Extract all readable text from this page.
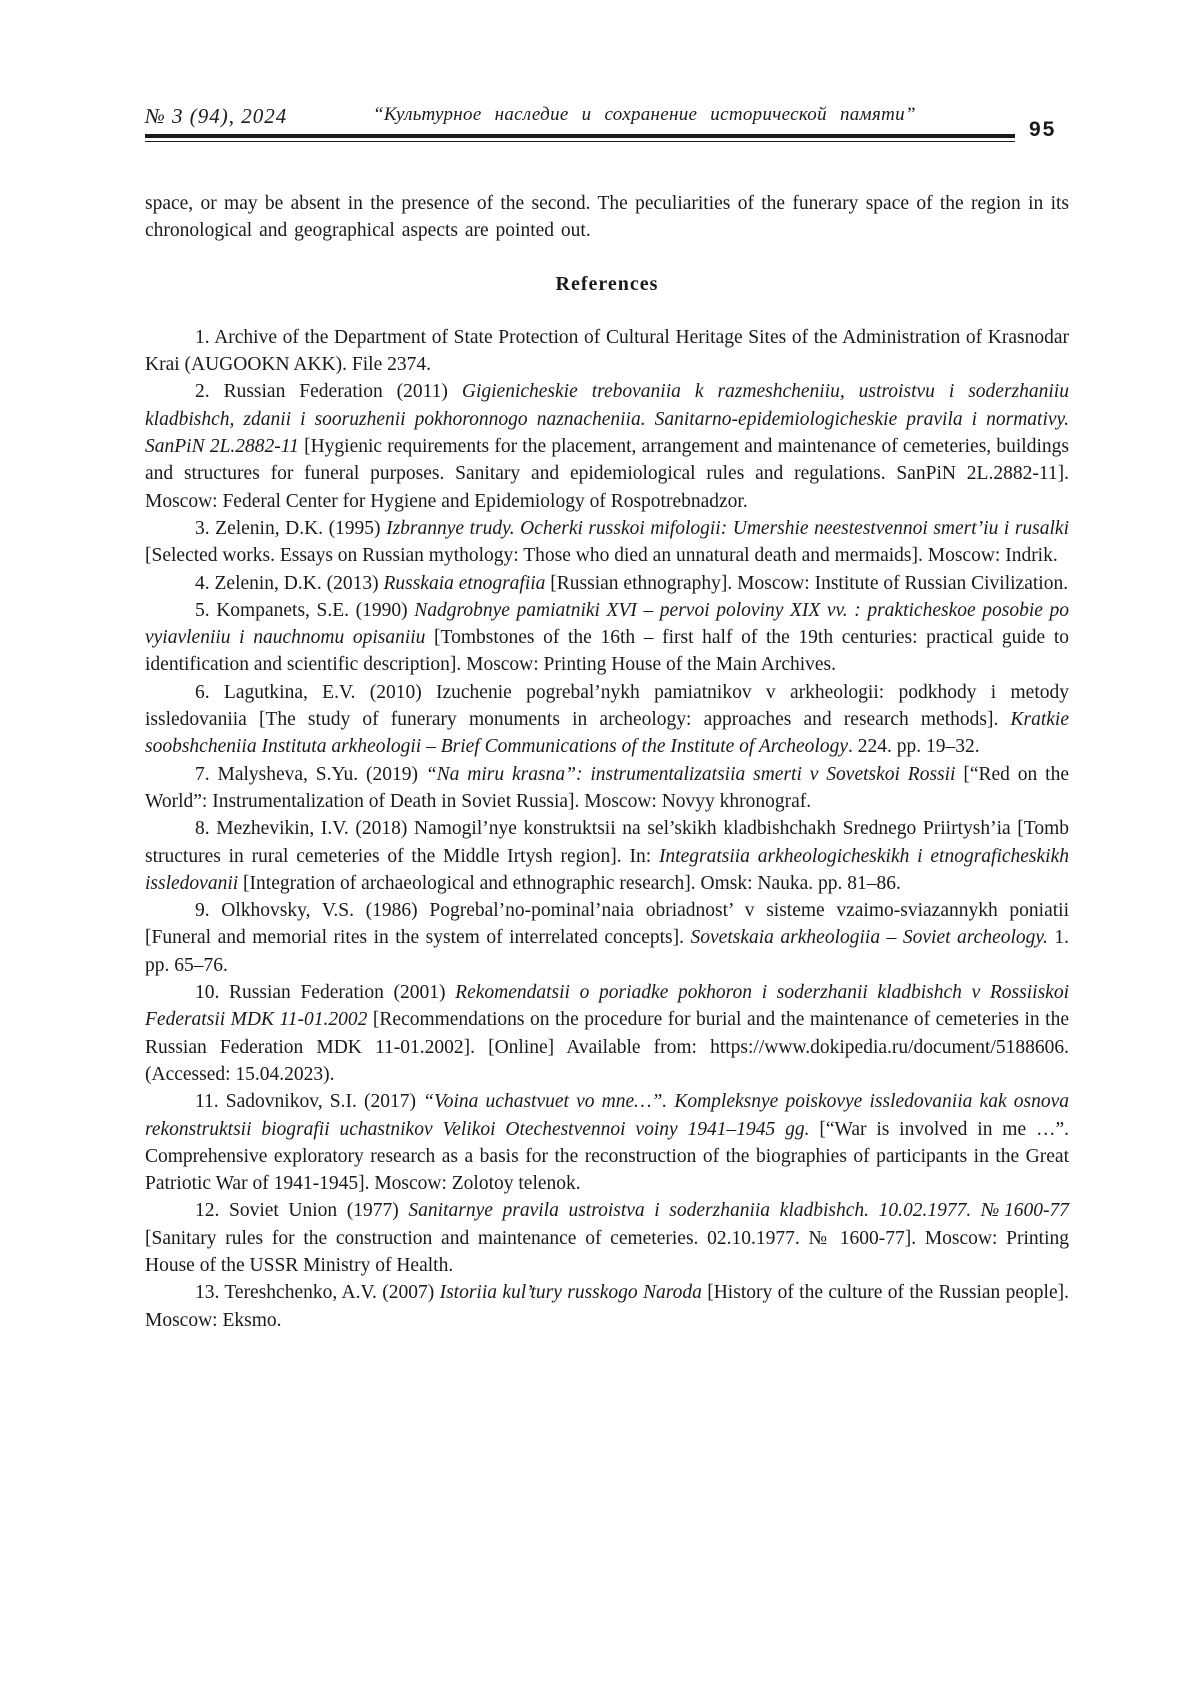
№ 3 (94), 2024	“Культурное наследие и сохранение исторической памяти”
95

space, or may be absent in the presence of the second. The peculiarities of the funerary space of the region in its chronological and geographical aspects are pointed out.

References

1. Archive of the Department of State Protection of Cultural Heritage Sites of the Administration of Krasnodar Krai (AUGOOKN AKK). File 2374.

2. Russian Federation (2011) Gigienicheskie trebovaniia k razmeshcheniiu, ustroistvu i soderzhaniiu kladbishch, zdanii i sooruzhenii pokhoronnogo naznacheniia. Sanitarno-epidemiologicheskie pravila i normativy. SanPiN 2L.2882-11 [Hygienic requirements for the placement, arrangement and maintenance of cemeteries, buildings and structures for funeral purposes. Sanitary and epidemiological rules and regulations. SanPiN 2L.2882-11]. Moscow: Federal Center for Hygiene and Epidemiology of Rospotrebnadzor.

3. Zelenin, D.K. (1995) Izbrannye trudy. Ocherki russkoi mifologii: Umershie neestestvennoi smert’iu i rusalki [Selected works. Essays on Russian mythology: Those who died an unnatural death and mermaids]. Moscow: Indrik.

4. Zelenin, D.K. (2013) Russkaia etnografiia [Russian ethnography]. Moscow: Institute of Russian Civilization.

5. Kompanets, S.E. (1990) Nadgrobnye pamiatniki XVI – pervoi poloviny XIX vv. : prakticheskoe posobie po vyiavleniiu i nauchnomu opisaniiu [Tombstones of the 16th – first half of the 19th centuries: practical guide to identification and scientific description]. Moscow: Printing House of the Main Archives.

6. Lagutkina, E.V. (2010) Izuchenie pogrebal’nykh pamiatnikov v arkheologii: podkhody i metody issledovaniia [The study of funerary monuments in archeology: approaches and research methods]. Kratkie soobshcheniia Instituta arkheologii – Brief Communications of the Institute of Archeology. 224. pp. 19–32.

7. Malysheva, S.Yu. (2019) “Na miru krasna”: instrumentalizatsiia smerti v Sovetskoi Rossii [“Red on the World”: Instrumentalization of Death in Soviet Russia]. Moscow: Novyy khronograf.

8. Mezhevikin, I.V. (2018) Namogil’nye konstruktsii na sel’skikh kladbishchakh Srednego Priirtysh’ia [Tomb structures in rural cemeteries of the Middle Irtysh region]. In: Integratsiia arkheologicheskikh i etnograficheskikh issledovanii [Integration of archaeological and ethnographic research]. Omsk: Nauka. pp. 81–86.

9. Olkhovsky, V.S. (1986) Pogrebal’no-pominal’naia obriadnost’ v sisteme vzaimo-sviazannykh poniatii [Funeral and memorial rites in the system of interrelated concepts]. Sovetskaia arkheologiia – Soviet archeology. 1. pp. 65–76.

10. Russian Federation (2001) Rekomendatsii o poriadke pokhoron i soderzhanii kladbishch v Rossiiskoi Federatsii MDK 11-01.2002 [Recommendations on the procedure for burial and the maintenance of cemeteries in the Russian Federation MDK 11-01.2002]. [Online] Available from: https://www.dokipedia.ru/document/5188606. (Accessed: 15.04.2023).

11. Sadovnikov, S.I. (2017) “Voina uchastvuet vo mne…”. Kompleksnye poiskovye issledovaniia kak osnova rekonstruktsii biografii uchastnikov Velikoi Otechestvennoi voiny 1941–1945 gg. [“War is involved in me …”. Comprehensive exploratory research as a basis for the reconstruction of the biographies of participants in the Great Patriotic War of 1941-1945]. Moscow: Zolotoy telenok.

12. Soviet Union (1977) Sanitarnye pravila ustroistva i soderzhaniia kladbishch. 10.02.1977. №1600-77 [Sanitary rules for the construction and maintenance of cemeteries. 02.10.1977. № 1600-77]. Moscow: Printing House of the USSR Ministry of Health.

13. Tereshchenko, A.V. (2007) Istoriia kul’tury russkogo Naroda [History of the culture of the Russian people]. Moscow: Eksmo.
